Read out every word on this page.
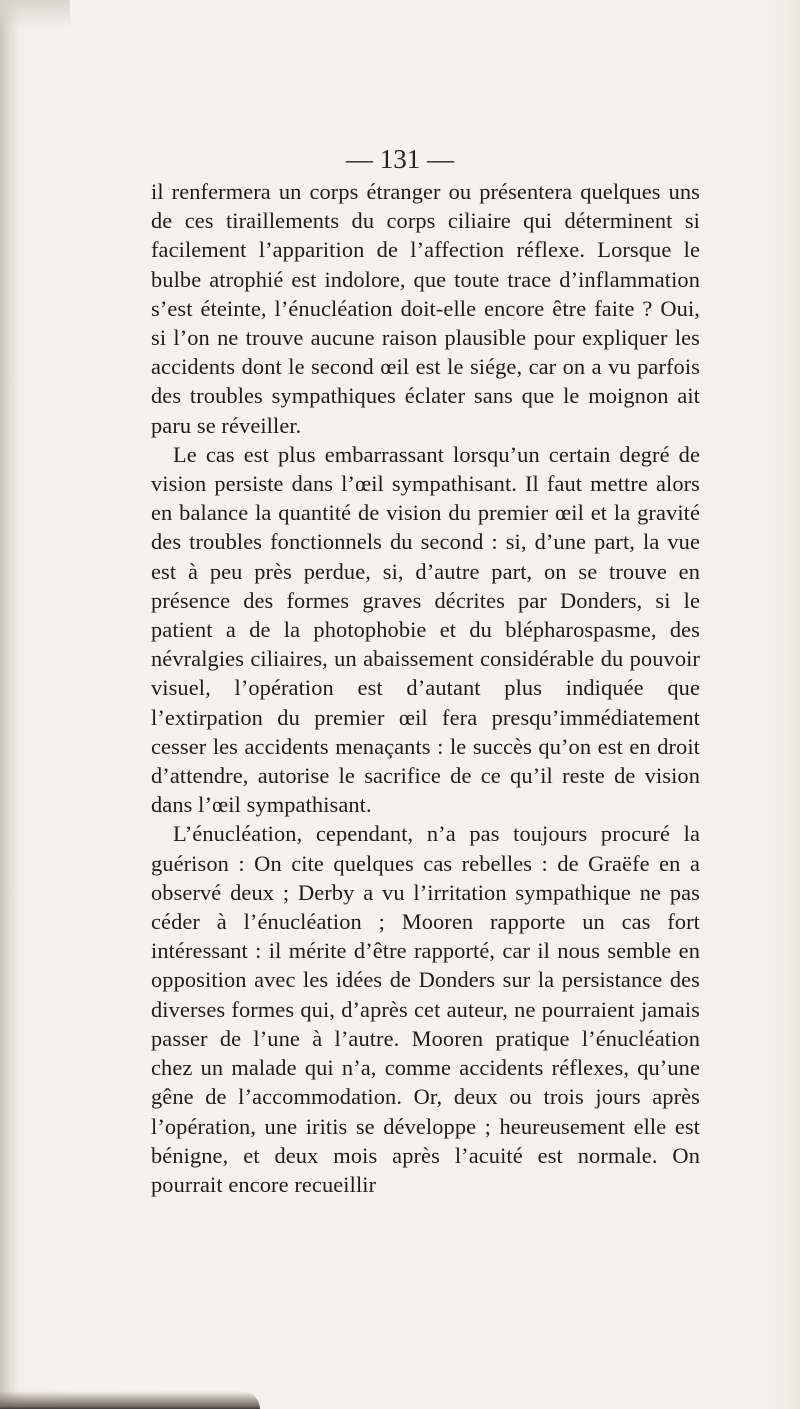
— 131 —

il renfermera un corps étranger ou présentera quelques uns de ces tiraillements du corps ciliaire qui déterminent si facilement l’apparition de l’affection réflexe. Lorsque le bulbe atrophié est indolore, que toute trace d’inflammation s’est éteinte, l’énucléation doit-elle encore être faite ? Oui, si l’on ne trouve aucune raison plausible pour expliquer les accidents dont le second œil est le siége, car on a vu parfois des troubles sympathiques éclater sans que le moignon ait paru se réveiller.

Le cas est plus embarrassant lorsqu’un certain degré de vision persiste dans l’œil sympathisant. Il faut mettre alors en balance la quantité de vision du premier œil et la gravité des troubles fonctionnels du second : si, d’une part, la vue est à peu près perdue, si, d’autre part, on se trouve en présence des formes graves décrites par Donders, si le patient a de la photophobie et du blépharospasme, des névralgies ciliaires, un abaissement considérable du pouvoir visuel, l’opération est d’autant plus indiquée que l’extirpation du premier œil fera presqu’immédiatement cesser les accidents menaçants : le succès qu’on est en droit d’attendre, autorise le sacrifice de ce qu’il reste de vision dans l’œil sympathisant.

L’énucléation, cependant, n’a pas toujours procuré la guérison : On cite quelques cas rebelles : de Graëfe en a observé deux ; Derby a vu l’irritation sympathique ne pas céder à l’énucléation ; Mooren rapporte un cas fort intéressant : il mérite d’être rapporté, car il nous semble en opposition avec les idées de Donders sur la persistance des diverses formes qui, d’après cet auteur, ne pourraient jamais passer de l’une à l’autre. Mooren pratique l’énucléation chez un malade qui n’a, comme accidents réflexes, qu’une gêne de l’accommodation. Or, deux ou trois jours après l’opération, une iritis se développe ; heureusement elle est bénigne, et deux mois après l’acuité est normale. On pourrait encore recueillir
